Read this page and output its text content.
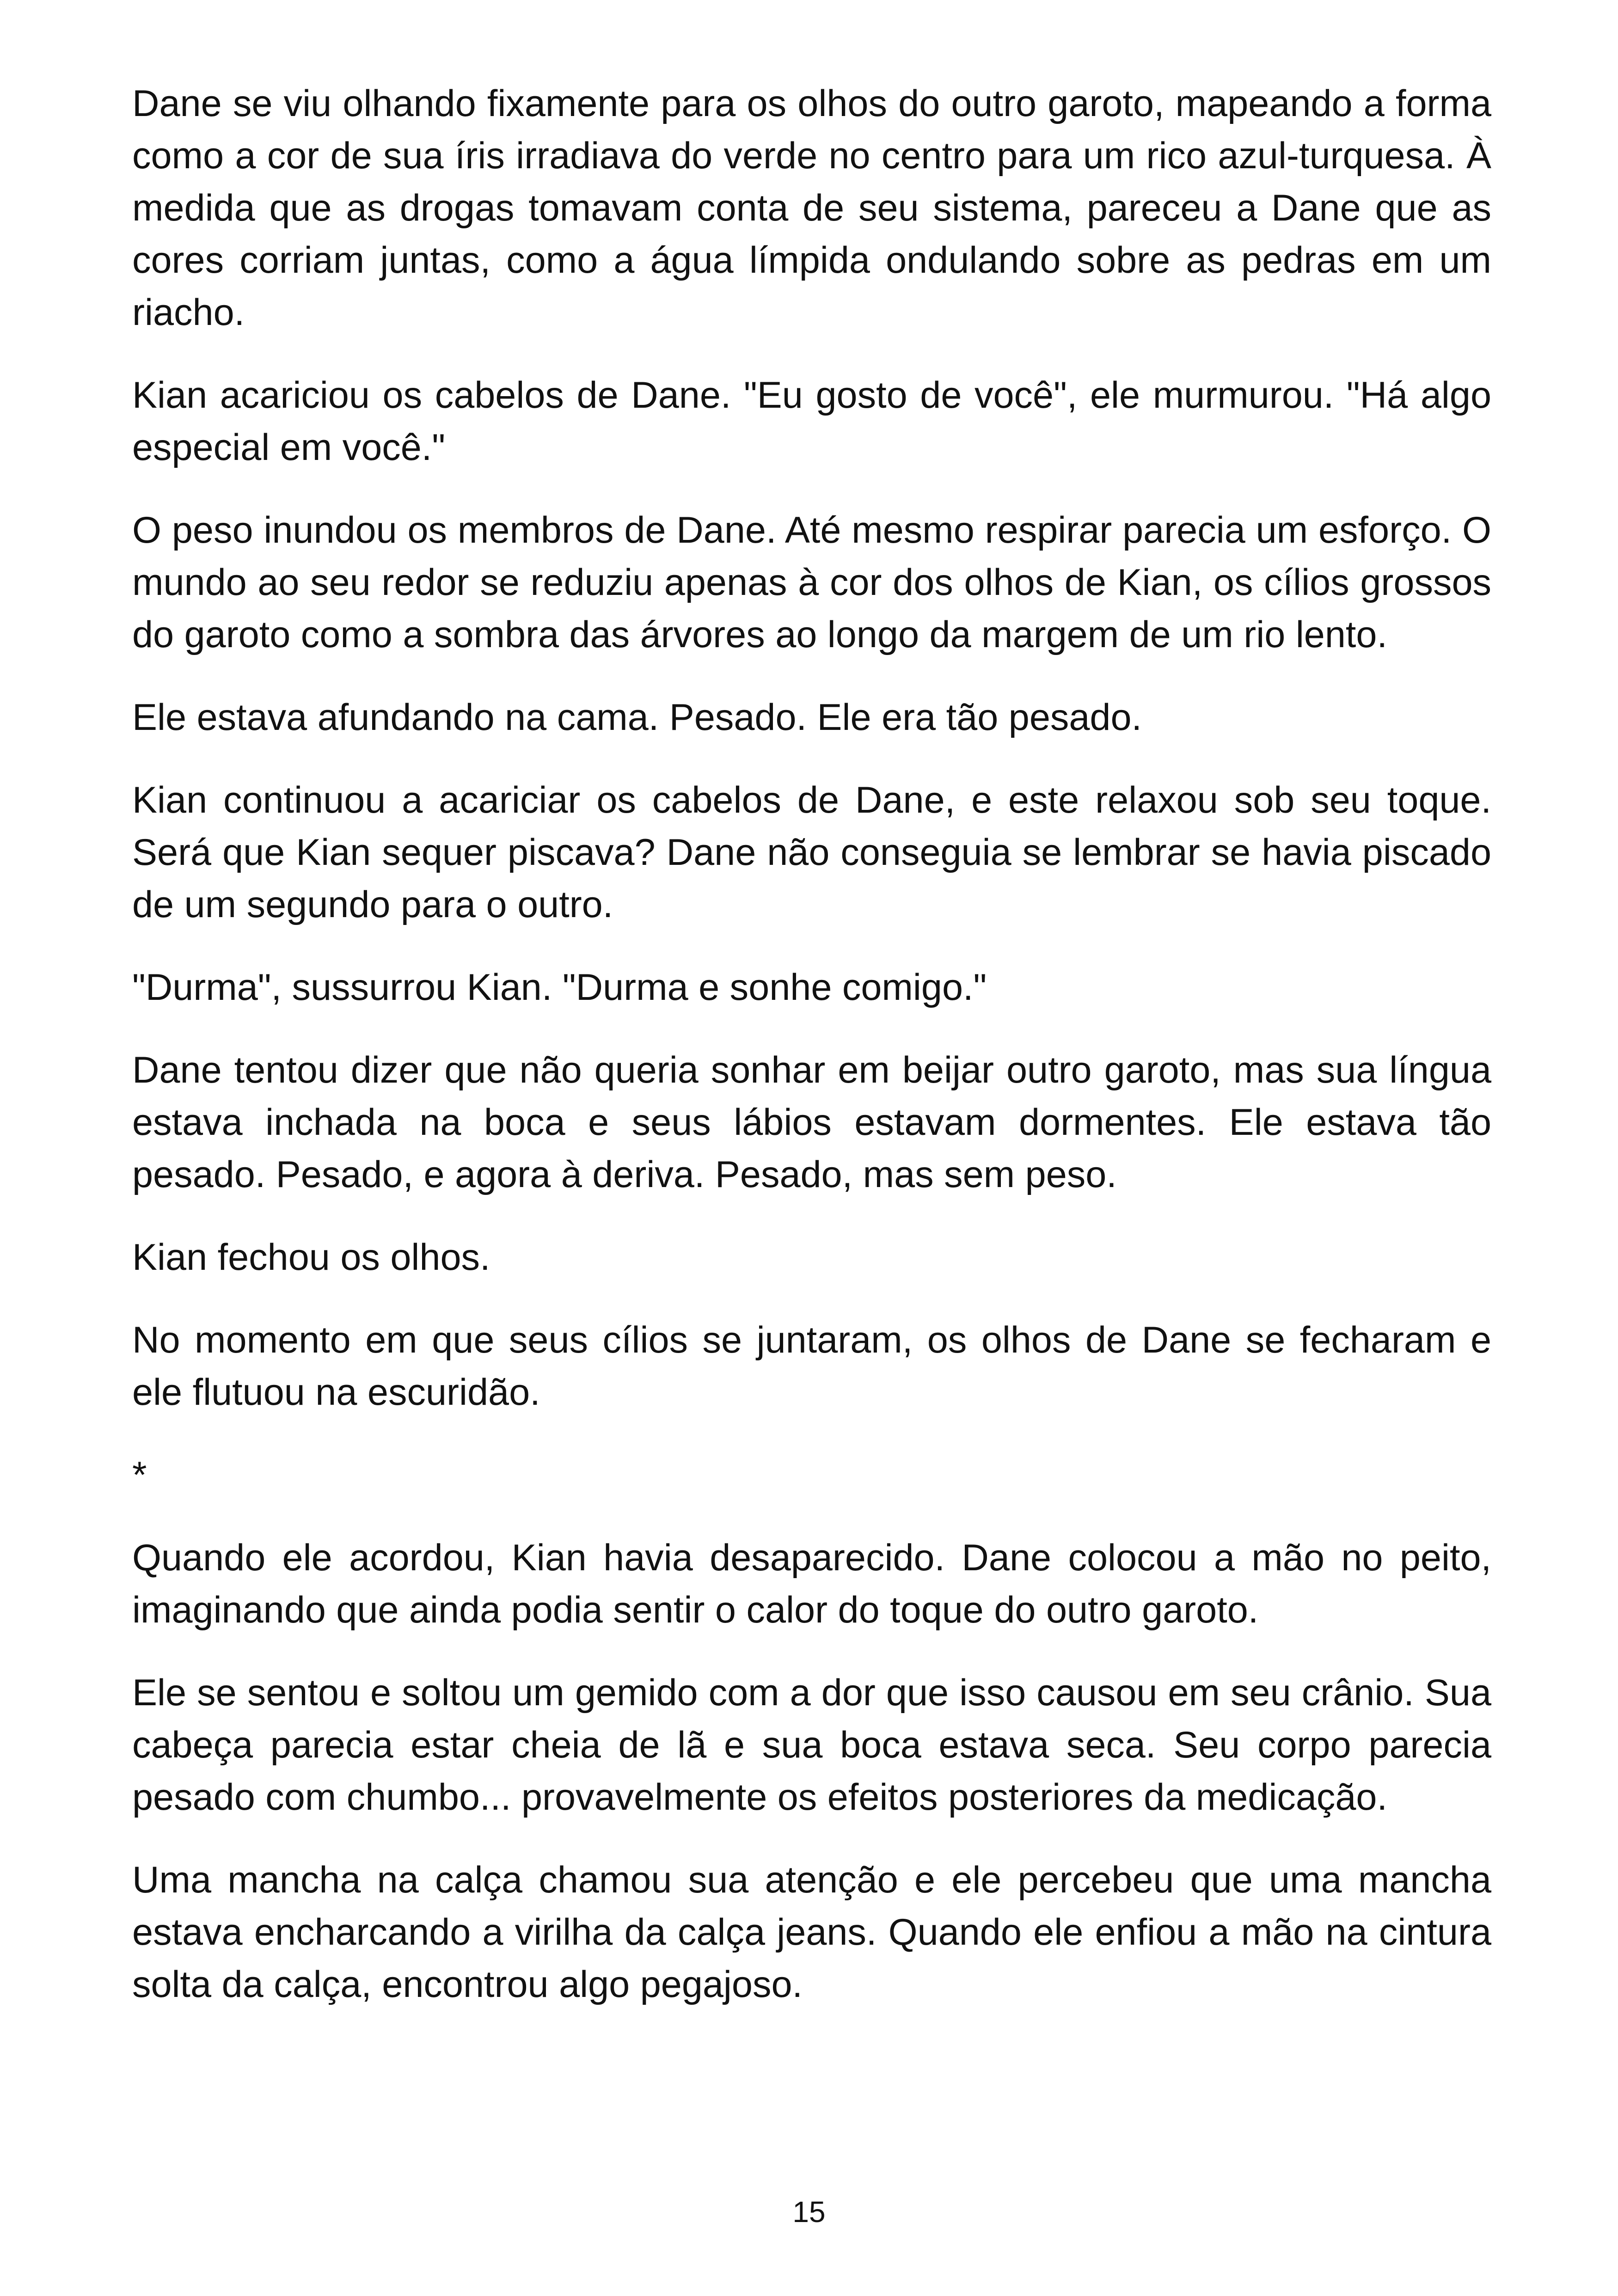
Dane se viu olhando fixamente para os olhos do outro garoto, mapeando a forma como a cor de sua íris irradiava do verde no centro para um rico azul-turquesa. À medida que as drogas tomavam conta de seu sistema, pareceu a Dane que as cores corriam juntas, como a água límpida ondulando sobre as pedras em um riacho.

Kian acariciou os cabelos de Dane. "Eu gosto de você", ele murmurou. "Há algo especial em você."

O peso inundou os membros de Dane. Até mesmo respirar parecia um esforço. O mundo ao seu redor se reduziu apenas à cor dos olhos de Kian, os cílios grossos do garoto como a sombra das árvores ao longo da margem de um rio lento.

Ele estava afundando na cama. Pesado. Ele era tão pesado.

Kian continuou a acariciar os cabelos de Dane, e este relaxou sob seu toque. Será que Kian sequer piscava? Dane não conseguia se lembrar se havia piscado de um segundo para o outro.

"Durma", sussurrou Kian. "Durma e sonhe comigo."

Dane tentou dizer que não queria sonhar em beijar outro garoto, mas sua língua estava inchada na boca e seus lábios estavam dormentes. Ele estava tão pesado. Pesado, e agora à deriva. Pesado, mas sem peso.

Kian fechou os olhos.

No momento em que seus cílios se juntaram, os olhos de Dane se fecharam e ele flutuou na escuridão.

*

Quando ele acordou, Kian havia desaparecido. Dane colocou a mão no peito, imaginando que ainda podia sentir o calor do toque do outro garoto.

Ele se sentou e soltou um gemido com a dor que isso causou em seu crânio. Sua cabeça parecia estar cheia de lã e sua boca estava seca. Seu corpo parecia pesado com chumbo... provavelmente os efeitos posteriores da medicação.

Uma mancha na calça chamou sua atenção e ele percebeu que uma mancha estava encharcando a virilha da calça jeans. Quando ele enfiou a mão na cintura solta da calça, encontrou algo pegajoso.

15
